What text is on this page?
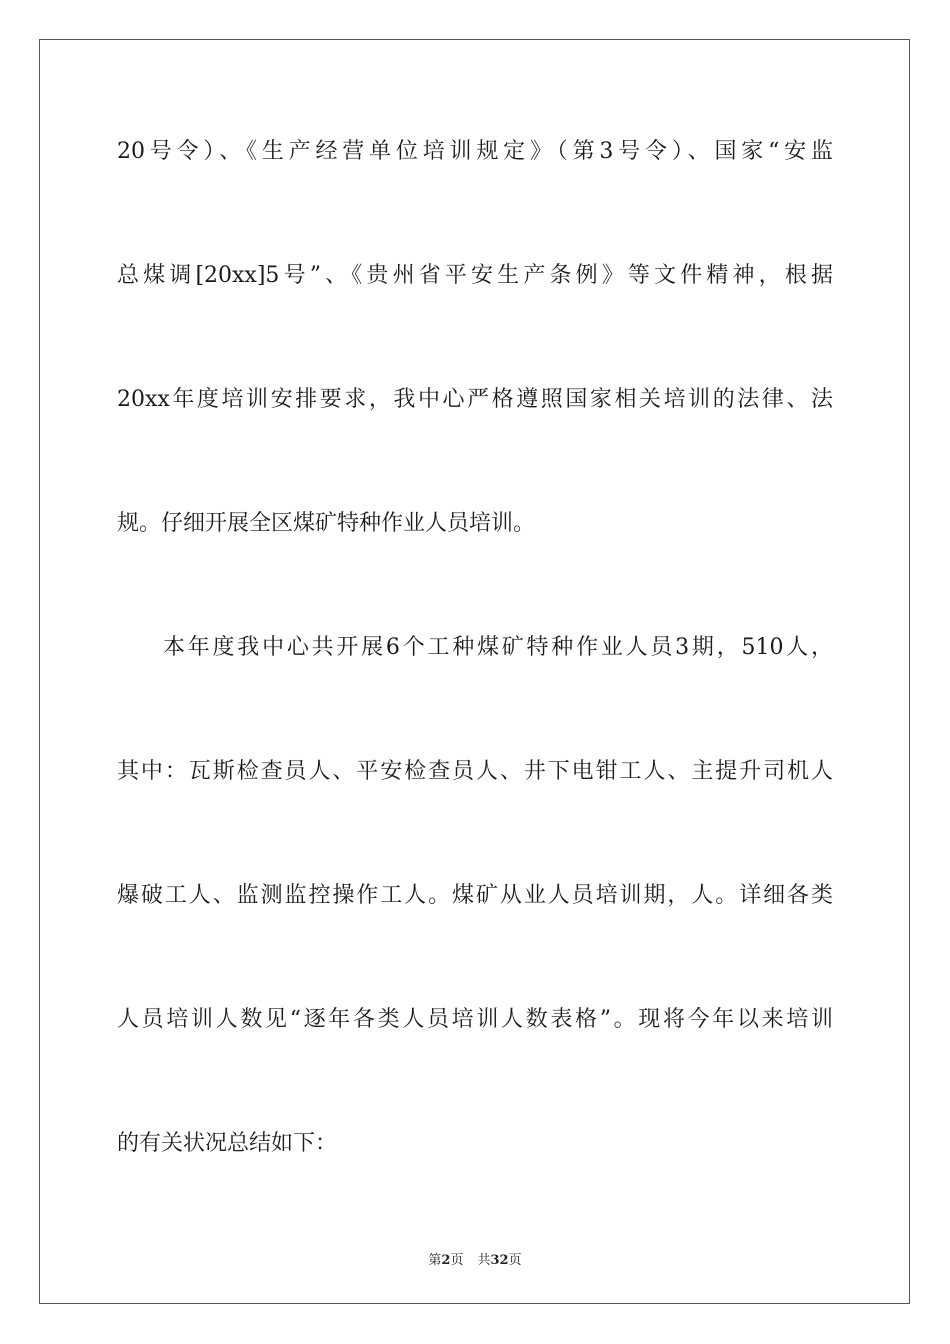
20号令）、《生产经营单位培训规定》（第3号令）、国家“安监
总煤调[20xx]5号”、《贵州省平安生产条例》等文件精神，根据
20xx年度培训安排要求，我中心严格遵照国家相关培训的法律、法
规。仔细开展全区煤矿特种作业人员培训。
本年度我中心共开展6个工种煤矿特种作业人员3期，510人，
其中：瓦斯检查员人、平安检查员人、井下电钳工人、主提升司机人
爆破工人、监测监控操作工人。煤矿从业人员培训期，人。详细各类
人员培训人数见“逐年各类人员培训人数表格”。现将今年以来培训
的有关状况总结如下：
第2页 共32页
